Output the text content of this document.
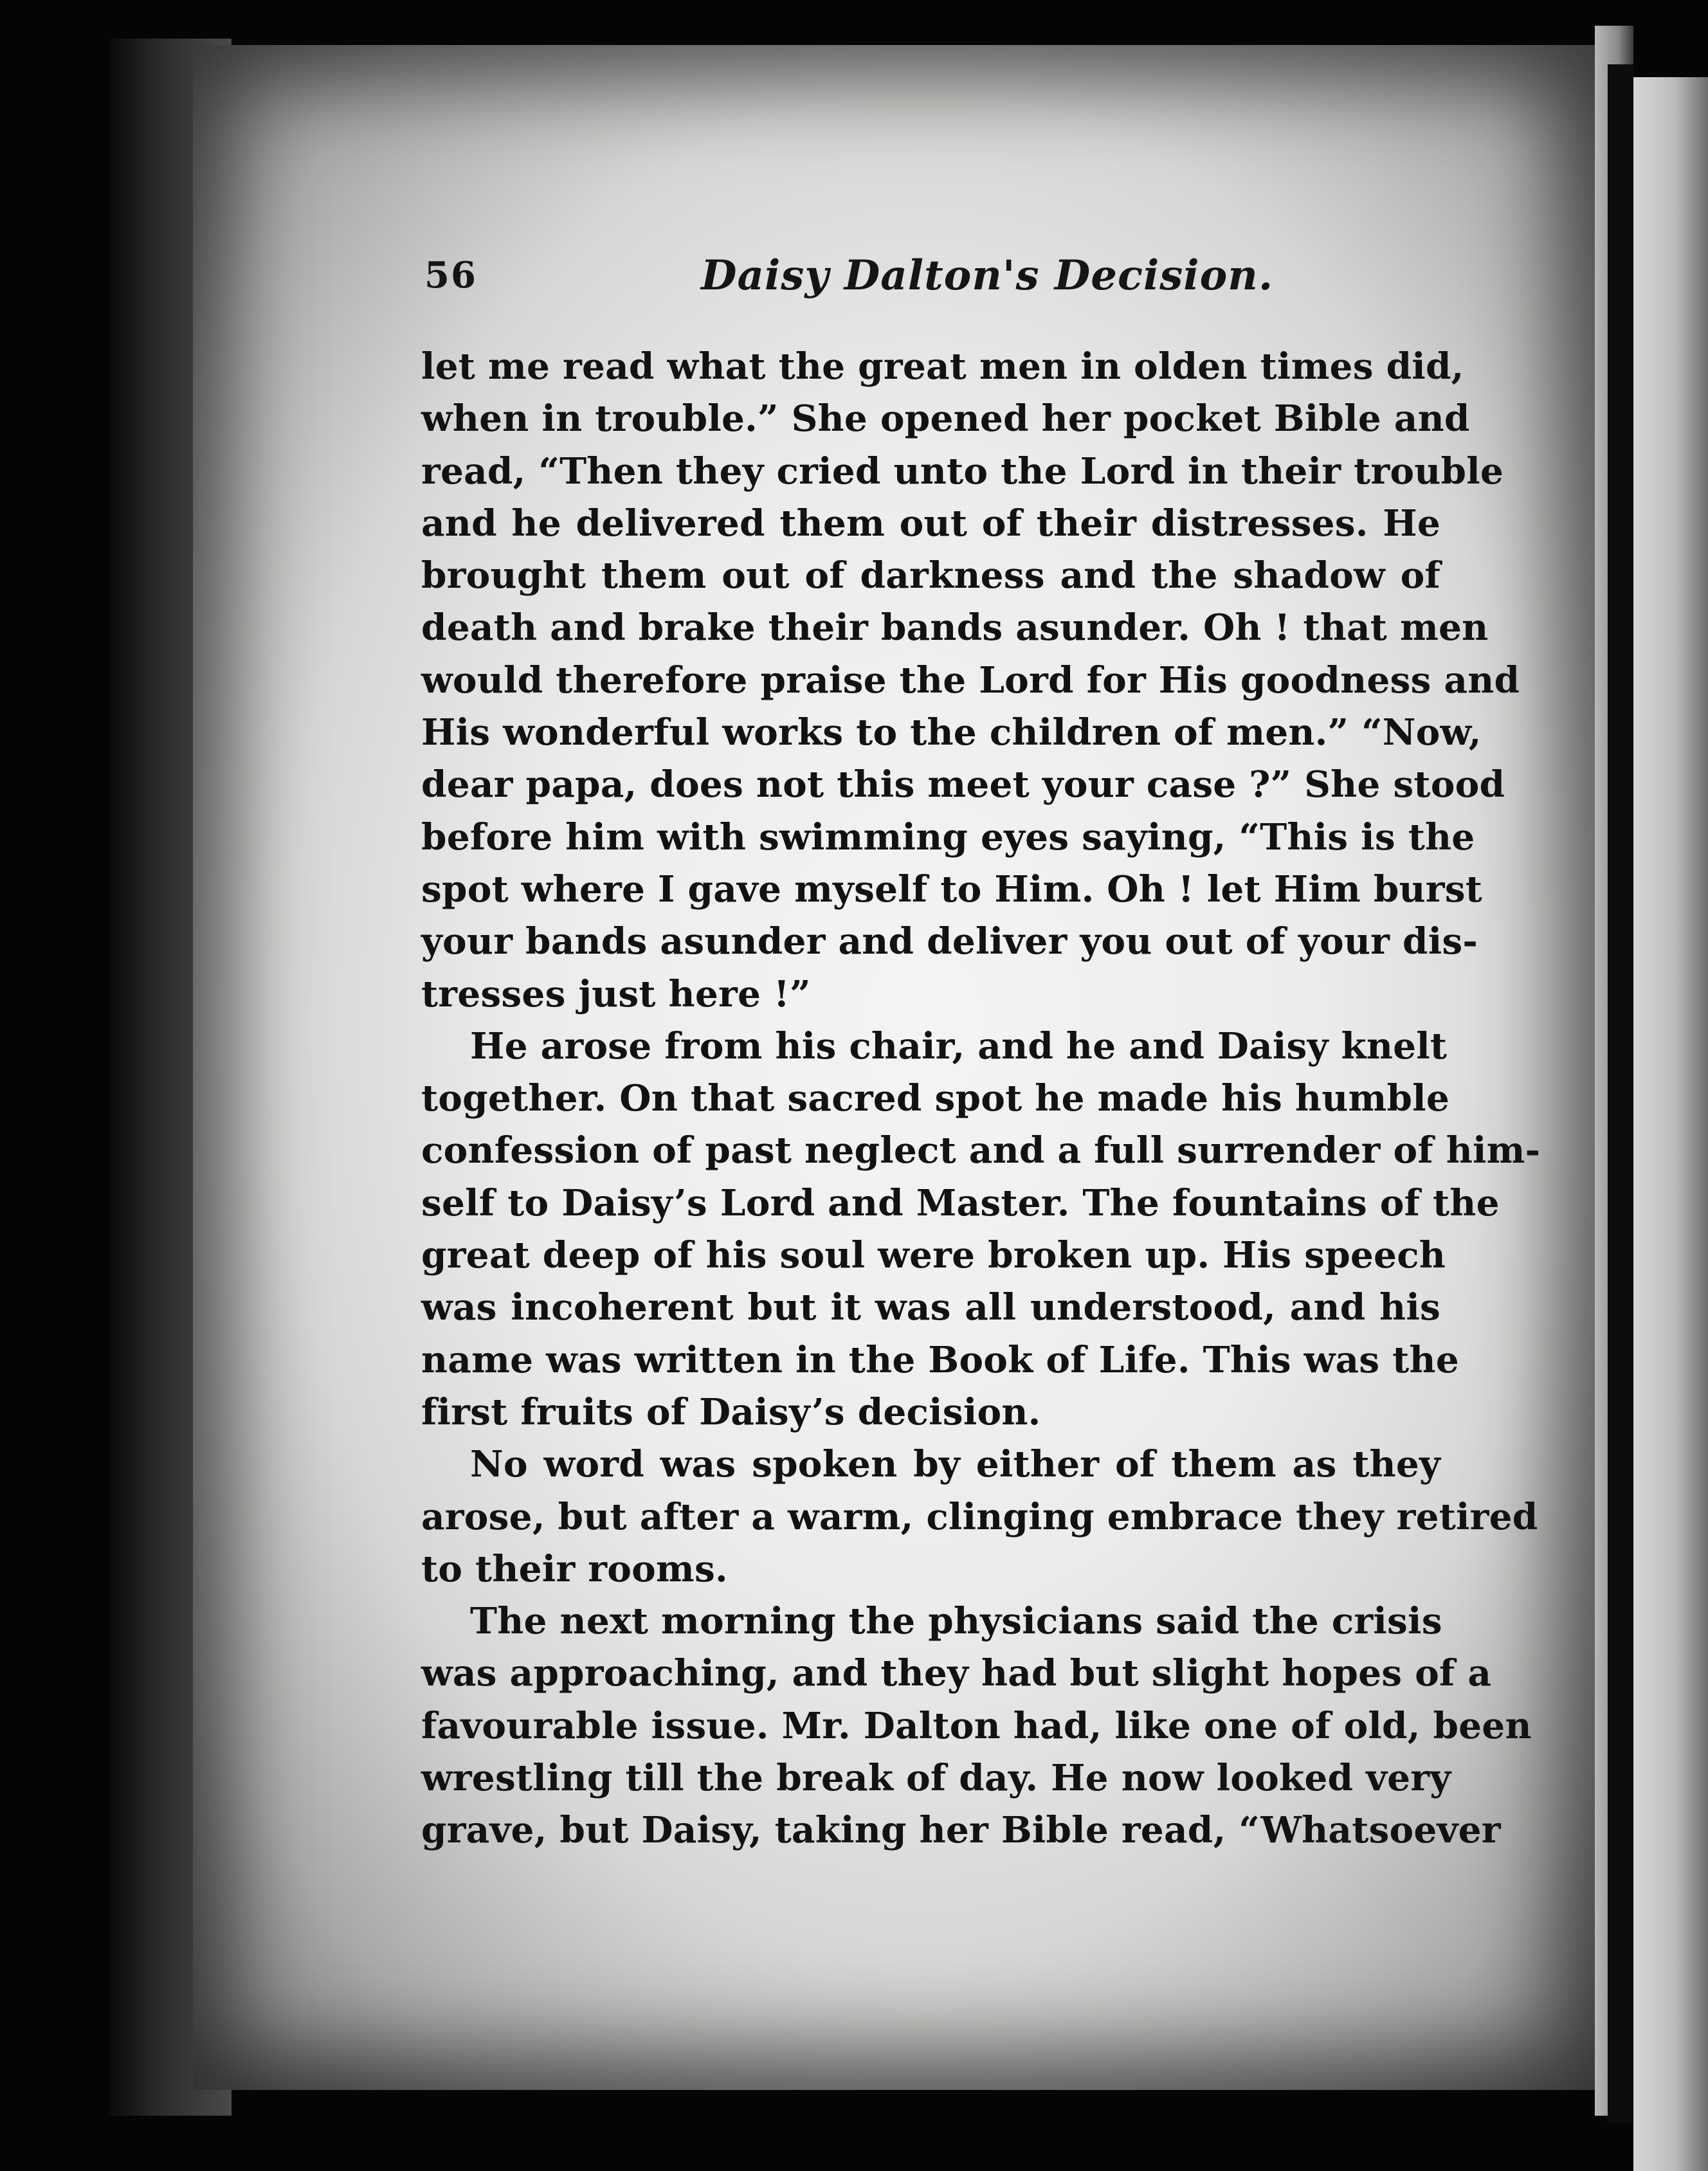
56	Daisy Dalton's Decision.
let me read what the great men in olden times did,
when in trouble.” She opened her pocket Bible and
read, “Then they cried unto the Lord in their trouble
and he delivered them out of their distresses. He
brought them out of darkness and the shadow of
death and brake their bands asunder. Oh ! that men
would therefore praise the Lord for His goodness and
His wonderful works to the children of men.” “Now,
dear papa, does not this meet your case ?” She stood
before him with swimming eyes saying, “This is the
spot where I gave myself to Him. Oh ! let Him burst
your bands asunder and deliver you out of your dis-
tresses just here !”
He arose from his chair, and he and Daisy knelt
together. On that sacred spot he made his humble
confession of past neglect and a full surrender of him-
self to Daisy’s Lord and Master. The fountains of the
great deep of his soul were broken up. His speech
was incoherent but it was all understood, and his
name was written in the Book of Life. This was the
first fruits of Daisy’s decision.
No word was spoken by either of them as they
arose, but after a warm, clinging embrace they retired
to their rooms.
The next morning the physicians said the crisis
was approaching, and they had but slight hopes of a
favourable issue. Mr. Dalton had, like one of old, been
wrestling till the break of day. He now looked very
grave, but Daisy, taking her Bible read, “Whatsoever
